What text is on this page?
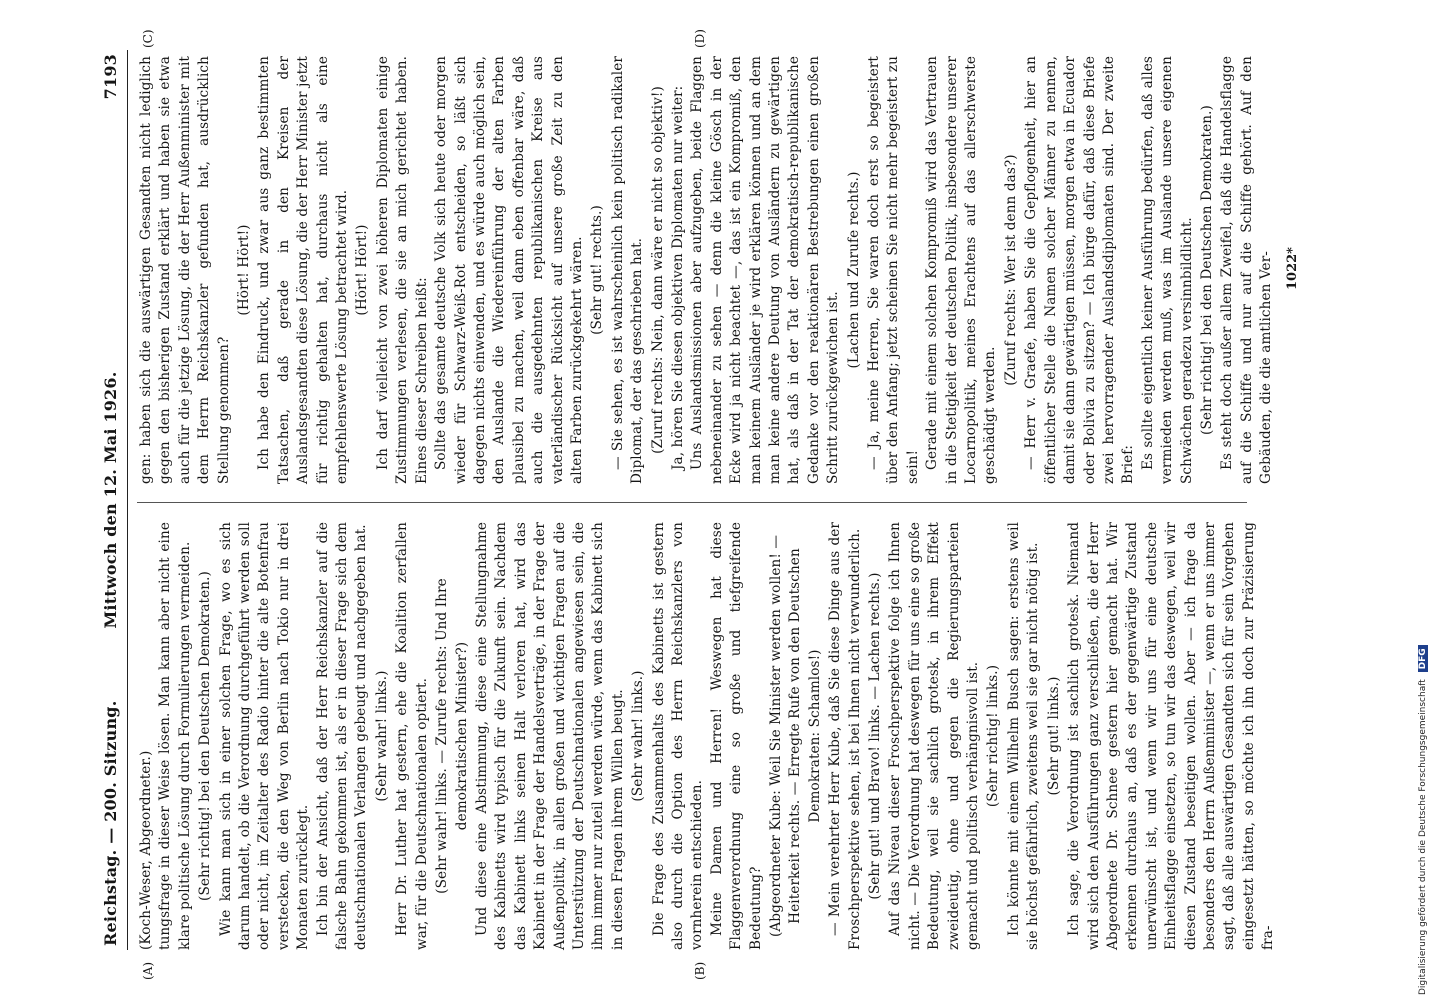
Reichstag. — 200. Sitzung.
Mittwoch den 12. Mai 1926.
7193
(A)	(B)
(C)	(D)

(Koch-Weser, Abgeordneter.) tungsfrage in dieser Weise lösen. Man kann aber nicht eine klare politische Lösung durch Formulierungen vermeiden. (Sehr richtig! bei den Deutschen Demokraten.) Wie kann man sich in einer solchen Frage, wo es sich darum handelt, ob die Verordnung durchgeführt werden soll oder nicht, im Zeitalter des Radio hinter die alte Botenfrau verstecken, die den Weg von Berlin nach Tokio nur in drei Monaten zurücklegt. Ich bin der Ansicht, daß der Herr Reichskanzler auf die falsche Bahn gekommen ist, als er in dieser Frage sich dem deutschnationalen Verlangen gebeugt und nachgegeben hat. (Sehr wahr! links.) Herr Dr. Luther hat gestern, ehe die Koalition zerfallen war, für die Deutschnationalen optiert. (Sehr wahr! links. — Zurufe rechts: Und Ihre demokratischen Minister?) Und diese eine Abstimmung, diese eine Stellungnahme des Kabinetts wird typisch für die Zukunft sein. Nachdem das Kabinett links seinen Halt verloren hat, wird das Kabinett in der Frage der Handelsverträge, in der Frage der Außenpolitik, in allen großen und wichtigen Fragen auf die Unterstützung der Deutschnationalen angewiesen sein, die ihm immer nur zuteil werden würde, wenn das Kabinett sich in diesen Fragen ihrem Willen beugt. (Sehr wahr! links.) Die Frage des Zusammenhalts des Kabinetts ist gestern also durch die Option des Herrn Reichskanzlers von vornherein entschieden. Meine Damen und Herren! Weswegen hat diese Flaggenverordnung eine so große und tiefgreifende Bedeutung? (Abgeordneter Kube: Weil Sie Minister werden wollen! — Heiterkeit rechts. — Erregte Rufe von den Deutschen Demokraten: Schamlos!) — Mein verehrter Herr Kube, daß Sie diese Dinge aus der Froschperspektive sehen, ist bei Ihnen nicht verwunderlich. (Sehr gut! und Bravo! links. — Lachen rechts.) Auf das Niveau dieser Froschperspektive folge ich Ihnen nicht. — Die Verordnung hat deswegen für uns eine so große Bedeutung, weil sie sachlich grotesk, in ihrem Effekt zweideutig, ohne und gegen die Regierungsparteien gemacht und politisch verhängnisvoll ist. (Sehr richtig! links.) Ich könnte mit einem Wilhelm Busch sagen: erstens weil sie höchst gefährlich, zweitens weil sie gar nicht nötig ist. (Sehr gut! links.) Ich sage, die Verordnung ist sachlich grotesk. Niemand wird sich den Ausführungen ganz verschließen, die der Herr Abgeordnete Dr. Schnee gestern hier gemacht hat. Wir erkennen durchaus an, daß es der gegenwärtige Zustand unerwünscht ist, und wenn wir uns für eine deutsche Einheitsflagge einsetzen, so tun wir das deswegen, weil wir diesen Zustand beseitigen wollen. Aber — ich frage da besonders den Herrn Außenminister —, wenn er uns immer sagt, daß alle auswärtigen Gesandten sich für sein Vorgehen eingesetzt hätten, so möchte ich ihn doch zur Präzisierung fra-

gen: haben sich die auswärtigen Gesandten nicht lediglich gegen den bisherigen Zustand erklärt und haben sie etwa auch für die jetzige Lösung, die der Herr Außenminister mit dem Herrn Reichskanzler gefunden hat, ausdrücklich Stellung genommen?

(Hört! Hört!) Ich habe den Eindruck, und zwar aus ganz bestimmten Tatsachen, daß gerade in den Kreisen der Auslandsgesandten diese Lösung, die der Herr Minister jetzt für richtig gehalten hat, durchaus nicht als eine empfehlenswerte Lösung betrachtet wird. (Hört! Hört!) Ich darf vielleicht von zwei höheren Diplomaten einige Zustimmungen verlesen, die sie an mich gerichtet haben. Eines dieser Schreiben heißt: Sollte das gesamte deutsche Volk sich heute oder morgen wieder für Schwarz-Weiß-Rot entscheiden, so läßt sich dagegen nichts einwenden, und es würde auch möglich sein, den Auslande die Wiedereinführung der alten Farben plausibel zu machen, weil dann eben offenbar wäre, daß auch die ausgedehnten republikanischen Kreise aus vaterländischer Rücksicht auf unsere große Zeit zu den alten Farben zurückgekehrt wären. (Sehr gut! rechts.) — Sie sehen, es ist wahrscheinlich kein politisch radikaler Diplomat, der das geschrieben hat. (Zuruf rechts: Nein, dann wäre er nicht so objektiv!) Ja, hören Sie diesen objektiven Diplomaten nur weiter: Uns Auslandsmissionen aber aufzugeben, beide Flaggen nebeneinander zu sehen — denn die kleine Gösch in der Ecke wird ja nicht beachtet —, das ist ein Kompromiß, den man keinem Ausländer je wird erklären können und an dem man keine andere Deutung von Ausländern zu gewärtigen hat, als daß in der Tat der demokratisch-republikanische Gedanke vor den reaktionären Bestrebungen einen großen Schritt zurückgewichen ist.

(Lachen und Zurufe rechts.) — Ja, meine Herren, Sie waren doch erst so begeistert über den Anfang; jetzt scheinen Sie nicht mehr begeistert zu sein! Gerade mit einem solchen Kompromiß wird das Vertrauen in die Stetigkeit der deutschen Politik, insbesondere unserer Locarnopolitik, meines Erachtens auf das allerschwerste geschädigt werden.

(Zuruf rechts: Wer ist denn das?) — Herr v. Graefe, haben Sie die Gepflogenheit, hier an öffentlicher Stelle die Namen solcher Männer zu nennen, damit sie dann gewärtigen müssen, morgen etwa in Ecuador oder Bolivia zu sitzen? — Ich bürge dafür, daß diese Briefe zwei hervorragender Auslandsdiplomaten sind. Der zweite Brief: Es sollte eigentlich keiner Ausführung bedürfen, daß alles vermieden werden muß, was im Auslande unsere eigenen Schwächen geradezu versinnbildlicht. (Sehr richtig! bei den Deutschen Demokraten.) Es steht doch außer allem Zweifel, daß die Handelsflagge auf die Schiffe und nur auf die Schiffe gehört. Auf den Gebäuden, die die amtlichen Ver- 1022*
Digitalisierung gefördert durch die Deutsche Forschungsgemeinschaft DFG
